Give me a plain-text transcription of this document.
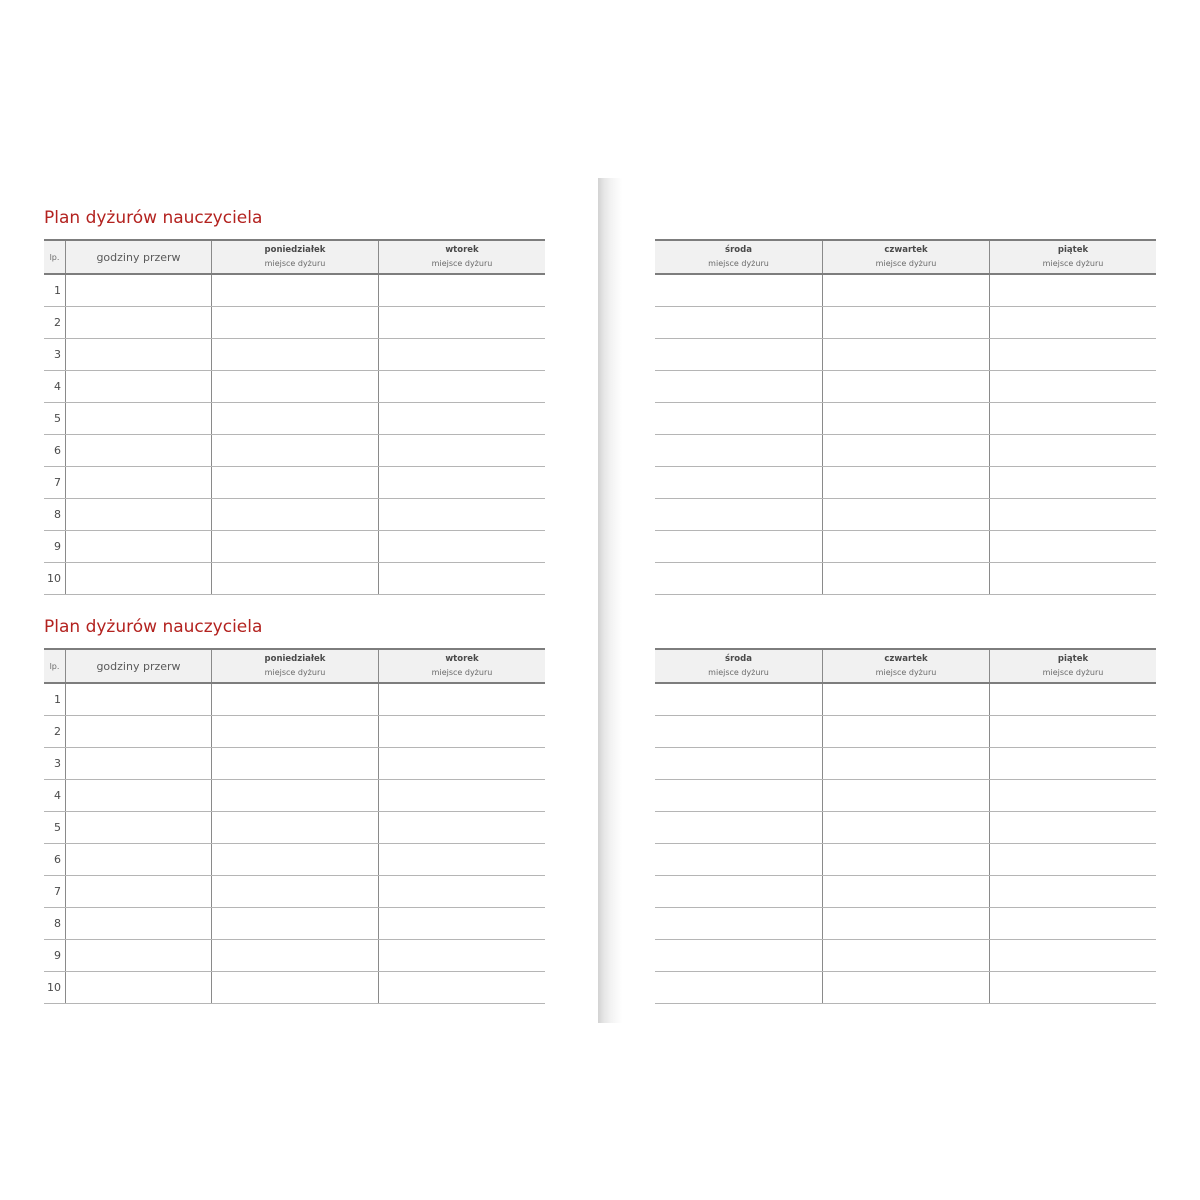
Plan dyżurów nauczyciela
lp.	godziny przerw
poniedziałek
miejsce dyżuru
wtorek
miejsce dyżuru
1
2
3
4
5
6
7
8
9
10
Plan dyżurów nauczyciela
lp.	godziny przerw
poniedziałek
miejsce dyżuru
wtorek
miejsce dyżuru
1
2
3
4
5
6
7
8
9
10
środa
miejsce dyżuru
czwartek
miejsce dyżuru
piątek
miejsce dyżuru
środa
miejsce dyżuru
czwartek
miejsce dyżuru
piątek
miejsce dyżuru
